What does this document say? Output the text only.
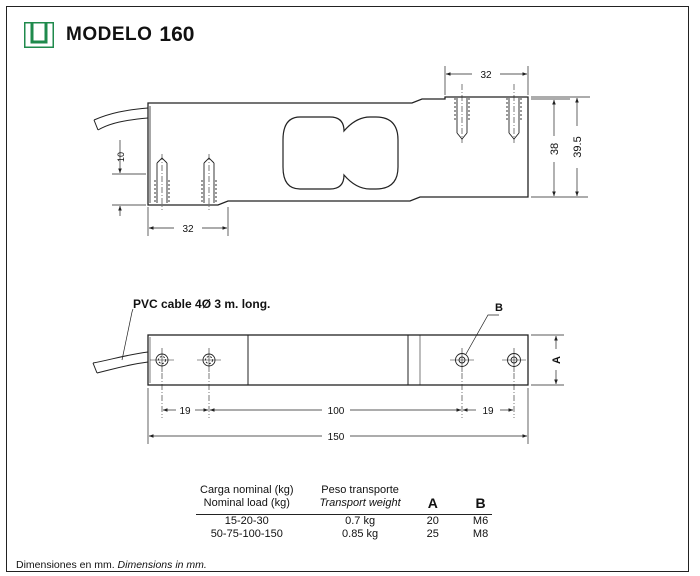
MODELO 160
32
38 39.5
10
32
PVC cable 4Ø 3 m. long.	B
A
19	100	19
150
Carga nominal (kg)	Peso transporte	A	B
Nominal load (kg)	Transport weight		

15-20-30	0.7 kg	20	M6
50-75-100-150	0.85 kg	25	M8
Dimensiones en mm. Dimensions in mm.
